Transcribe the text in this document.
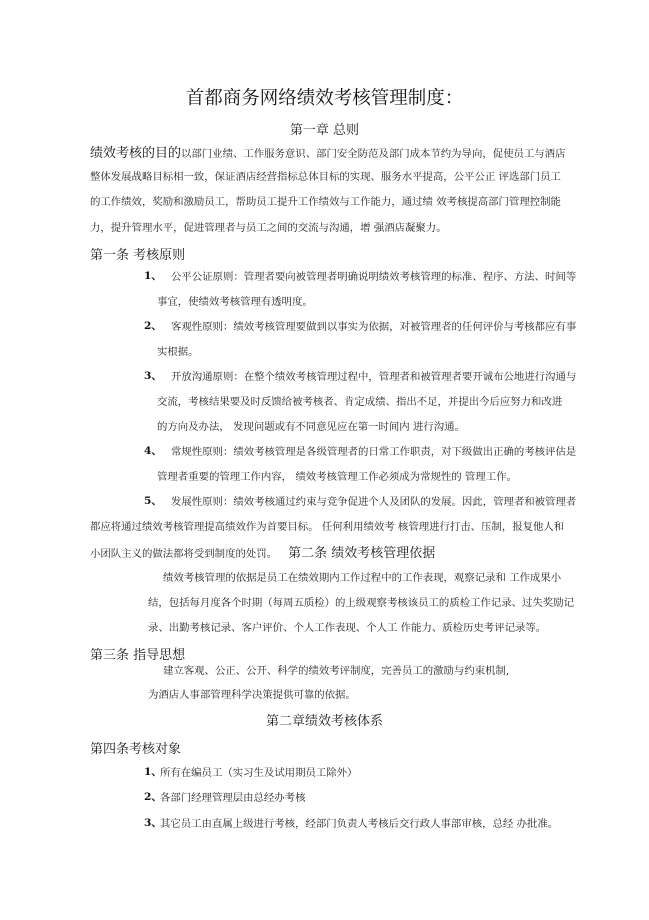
首都商务网络绩效考核管理制度：
第一章 总则
绩效考核的目的以部门业绩、工作服务意识、部门安全防范及部门成本节约为导向，促使员工与酒店
整体发展战略目标相一致，保证酒店经营指标总体目标的实现、服务水平提高，公平公正 评选部门员工
的工作绩效，奖励和激励员工，帮助员工提升工作绩效与工作能力，通过绩 效考核提高部门管理控制能
力，提升管理水平，促进管理者与员工之间的交流与沟通，增 强酒店凝聚力。
第一条 考核原则
1、 公平公证原则：管理者要向被管理者明确说明绩效考核管理的标准、程序、方法、时间等
事宜，使绩效考核管理有透明度。
2、 客观性原则：绩效考核管理要做到以事实为依据，对被管理者的任何评价与考核都应有事
实根据。
3、 开放沟通原则：在整个绩效考核管理过程中，管理者和被管理者要开诚布公地进行沟通与
交流，考核结果要及时反馈给被考核者、肯定成绩、指出不足，并提出今后应努力和改进
的方向及办法， 发现问题或有不同意见应在第一时间内 进行沟通。
4、 常规性原则：绩效考核管理是各级管理者的日常工作职责，对下级做出正确的考核评估是
管理者重要的管理工作内容， 绩效考核管理工作必须成为常规性的 管理工作。
5、 发展性原则：绩效考核通过约束与竞争促进个人及团队的发展。因此，管理者和被管理者
都应将通过绩效考核管理提高绩效作为首要目标。 任何利用绩效考 核管理进行打击、压制，报复他人和
小团队主义的做法都将受到制度的处罚。 第二条 绩效考核管理依据
绩效考核管理的依据是员工在绩效期内工作过程中的工作表现，观察记录和 工作成果小
结，包括每月度各个时期（每周五质检）的上级观察考核该员工的质检工作记录、过失奖励记
录、出勤考核记录、客户评价、个人工作表现、个人工 作能力、质检历史考评记录等。
第三条 指导思想
建立客观、公正、公开、科学的绩效考评制度，完善员工的激励与约束机制,
为酒店人事部管理科学决策提供可靠的依据。
第二章绩效考核体系
第四条考核对象
1、
所有在编员工（实习生及试用期员工除外）
2、
各部门经理管理层由总经办考核
3、
其它员工由直属上级进行考核，经部门负责人考核后交行政人事部审核，总经 办批准。
